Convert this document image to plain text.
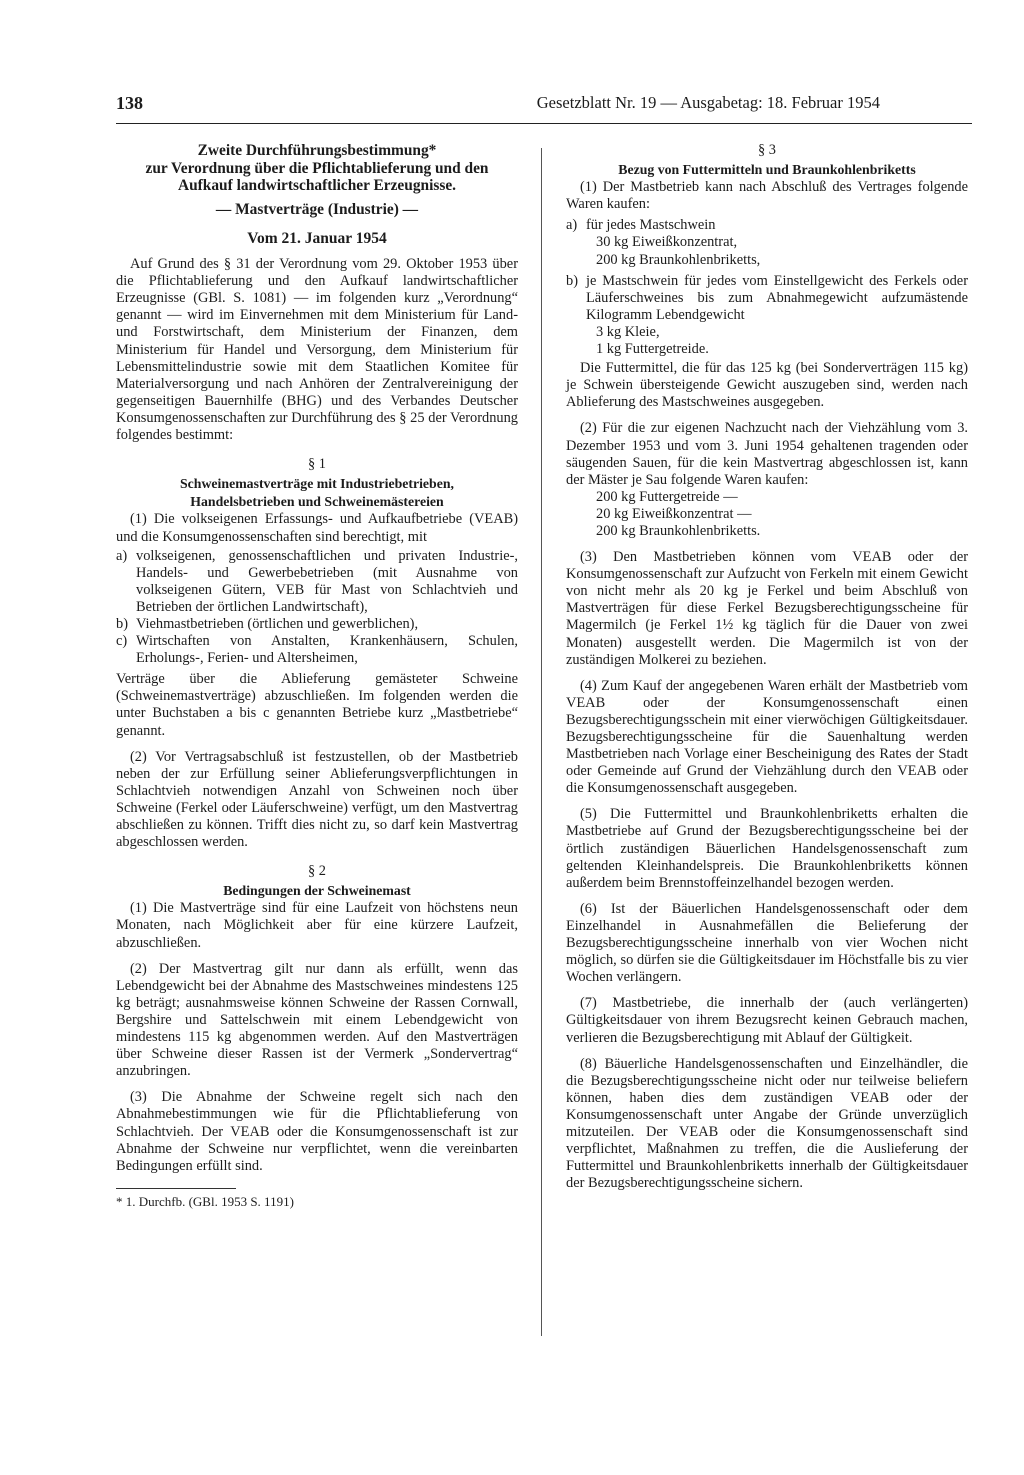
138	Gesetzblatt Nr. 19 — Ausgabetag: 18. Februar 1954

Zweite Durchführungsbestimmung*

zur Verordnung über die Pflichtablieferung und den

Aufkauf landwirtschaftlicher Erzeugnisse.

— Mastverträge (Industrie) —

Vom 21. Januar 1954

Auf Grund des § 31 der Verordnung vom 29. Oktober 1953 über die Pflichtablieferung und den Aufkauf landwirtschaftlicher Erzeugnisse (GBl. S. 1081) — im folgenden kurz „Verordnung“ genannt — wird im Einvernehmen mit dem Ministerium für Land- und Forstwirtschaft, dem Ministerium der Finanzen, dem Ministerium für Handel und Versorgung, dem Ministerium für Lebensmittelindustrie sowie mit dem Staatlichen Komitee für Materialversorgung und nach Anhören der Zentralvereinigung der gegenseitigen Bauernhilfe (BHG) und des Verbandes Deutscher Konsumgenossenschaften zur Durchführung des § 25 der Verordnung folgendes bestimmt:

§ 1

Schweinemastverträge mit Industriebetrieben,

Handelsbetrieben und Schweinemästereien

(1) Die volkseigenen Erfassungs- und Aufkaufbetriebe (VEAB) und die Konsumgenossenschaften sind berechtigt, mit

a) volkseigenen, genossenschaftlichen und privaten Industrie-, Handels- und Gewerbebetrieben (mit Ausnahme von volkseigenen Gütern, VEB für Mast von Schlachtvieh und Betrieben der örtlichen Landwirtschaft),
b) Viehmastbetrieben (örtlichen und gewerblichen),
c) Wirtschaften von Anstalten, Krankenhäusern, Schulen, Erholungs-, Ferien- und Altersheimen,

Verträge über die Ablieferung gemästeter Schweine (Schweinemastverträge) abzuschließen. Im folgenden werden die unter Buchstaben a bis c genannten Betriebe kurz „Mastbetriebe“ genannt.

(2) Vor Vertragsabschluß ist festzustellen, ob der Mastbetrieb neben der zur Erfüllung seiner Ablieferungsverpflichtungen in Schlachtvieh notwendigen Anzahl von Schweinen noch über Schweine (Ferkel oder Läuferschweine) verfügt, um den Mastvertrag abschließen zu können. Trifft dies nicht zu, so darf kein Mastvertrag abgeschlossen werden.

§ 2

Bedingungen der Schweinemast

(1) Die Mastverträge sind für eine Laufzeit von höchstens neun Monaten, nach Möglichkeit aber für eine kürzere Laufzeit, abzuschließen.

(2) Der Mastvertrag gilt nur dann als erfüllt, wenn das Lebendgewicht bei der Abnahme des Mastschweines mindestens 125 kg beträgt; ausnahmsweise können Schweine der Rassen Cornwall, Bergshire und Sattelschwein mit einem Lebendgewicht von mindestens 115 kg abgenommen werden. Auf den Mastverträgen über Schweine dieser Rassen ist der Vermerk „Sondervertrag“ anzubringen.

(3) Die Abnahme der Schweine regelt sich nach den Abnahmebestimmungen wie für die Pflichtablieferung von Schlachtvieh. Der VEAB oder die Konsumgenossenschaft ist zur Abnahme der Schweine nur verpflichtet, wenn die vereinbarten Bedingungen erfüllt sind.

* 1. Durchfb. (GBl. 1953 S. 1191)

§ 3

Bezug von Futtermitteln und Braunkohlenbriketts

(1) Der Mastbetrieb kann nach Abschluß des Vertrages folgende Waren kaufen:

a) für jedes Mastschwein

30 kg Eiweißkonzentrat,

200 kg Braunkohlenbriketts,

b) je Mastschwein für jedes vom Einstellgewicht des Ferkels oder Läuferschweines bis zum Abnahmegewicht aufzumästende Kilogramm Lebendgewicht

3 kg Kleie,

1 kg Futtergetreide.

Die Futtermittel, die für das 125 kg (bei Sonderverträgen 115 kg) je Schwein übersteigende Gewicht auszugeben sind, werden nach Ablieferung des Mastschweines ausgegeben.

(2) Für die zur eigenen Nachzucht nach der Viehzählung vom 3. Dezember 1953 und vom 3. Juni 1954 gehaltenen tragenden oder säugenden Sauen, für die kein Mastvertrag abgeschlossen ist, kann der Mäster je Sau folgende Waren kaufen:

200 kg Futtergetreide —

20 kg Eiweißkonzentrat —

200 kg Braunkohlenbriketts.

(3) Den Mastbetrieben können vom VEAB oder der Konsumgenossenschaft zur Aufzucht von Ferkeln mit einem Gewicht von nicht mehr als 20 kg je Ferkel und beim Abschluß von Mastverträgen für diese Ferkel Bezugsberechtigungsscheine für Magermilch (je Ferkel 1½ kg täglich für die Dauer von zwei Monaten) ausgestellt werden. Die Magermilch ist von der zuständigen Molkerei zu beziehen.

(4) Zum Kauf der angegebenen Waren erhält der Mastbetrieb vom VEAB oder der Konsumgenossenschaft einen Bezugsberechtigungsschein mit einer vierwöchigen Gültigkeitsdauer. Bezugsberechtigungsscheine für die Sauenhaltung werden Mastbetrieben nach Vorlage einer Bescheinigung des Rates der Stadt oder Gemeinde auf Grund der Viehzählung durch den VEAB oder die Konsumgenossenschaft ausgegeben.

(5) Die Futtermittel und Braunkohlenbriketts erhalten die Mastbetriebe auf Grund der Bezugsberechtigungsscheine bei der örtlich zuständigen Bäuerlichen Handelsgenossenschaft zum geltenden Kleinhandelspreis. Die Braunkohlenbriketts können außerdem beim Brennstoffeinzelhandel bezogen werden.

(6) Ist der Bäuerlichen Handelsgenossenschaft oder dem Einzelhandel in Ausnahmefällen die Belieferung der Bezugsberechtigungsscheine innerhalb von vier Wochen nicht möglich, so dürfen sie die Gültigkeitsdauer im Höchstfalle bis zu vier Wochen verlängern.

(7) Mastbetriebe, die innerhalb der (auch verlängerten) Gültigkeitsdauer von ihrem Bezugsrecht keinen Gebrauch machen, verlieren die Bezugsberechtigung mit Ablauf der Gültigkeit.

(8) Bäuerliche Handelsgenossenschaften und Einzelhändler, die die Bezugsberechtigungsscheine nicht oder nur teilweise beliefern können, haben dies dem zuständigen VEAB oder der Konsumgenossenschaft unter Angabe der Gründe unverzüglich mitzuteilen. Der VEAB oder die Konsumgenossenschaft sind verpflichtet, Maßnahmen zu treffen, die die Auslieferung der Futtermittel und Braunkohlenbriketts innerhalb der Gültigkeitsdauer der Bezugsberechtigungsscheine sichern.
